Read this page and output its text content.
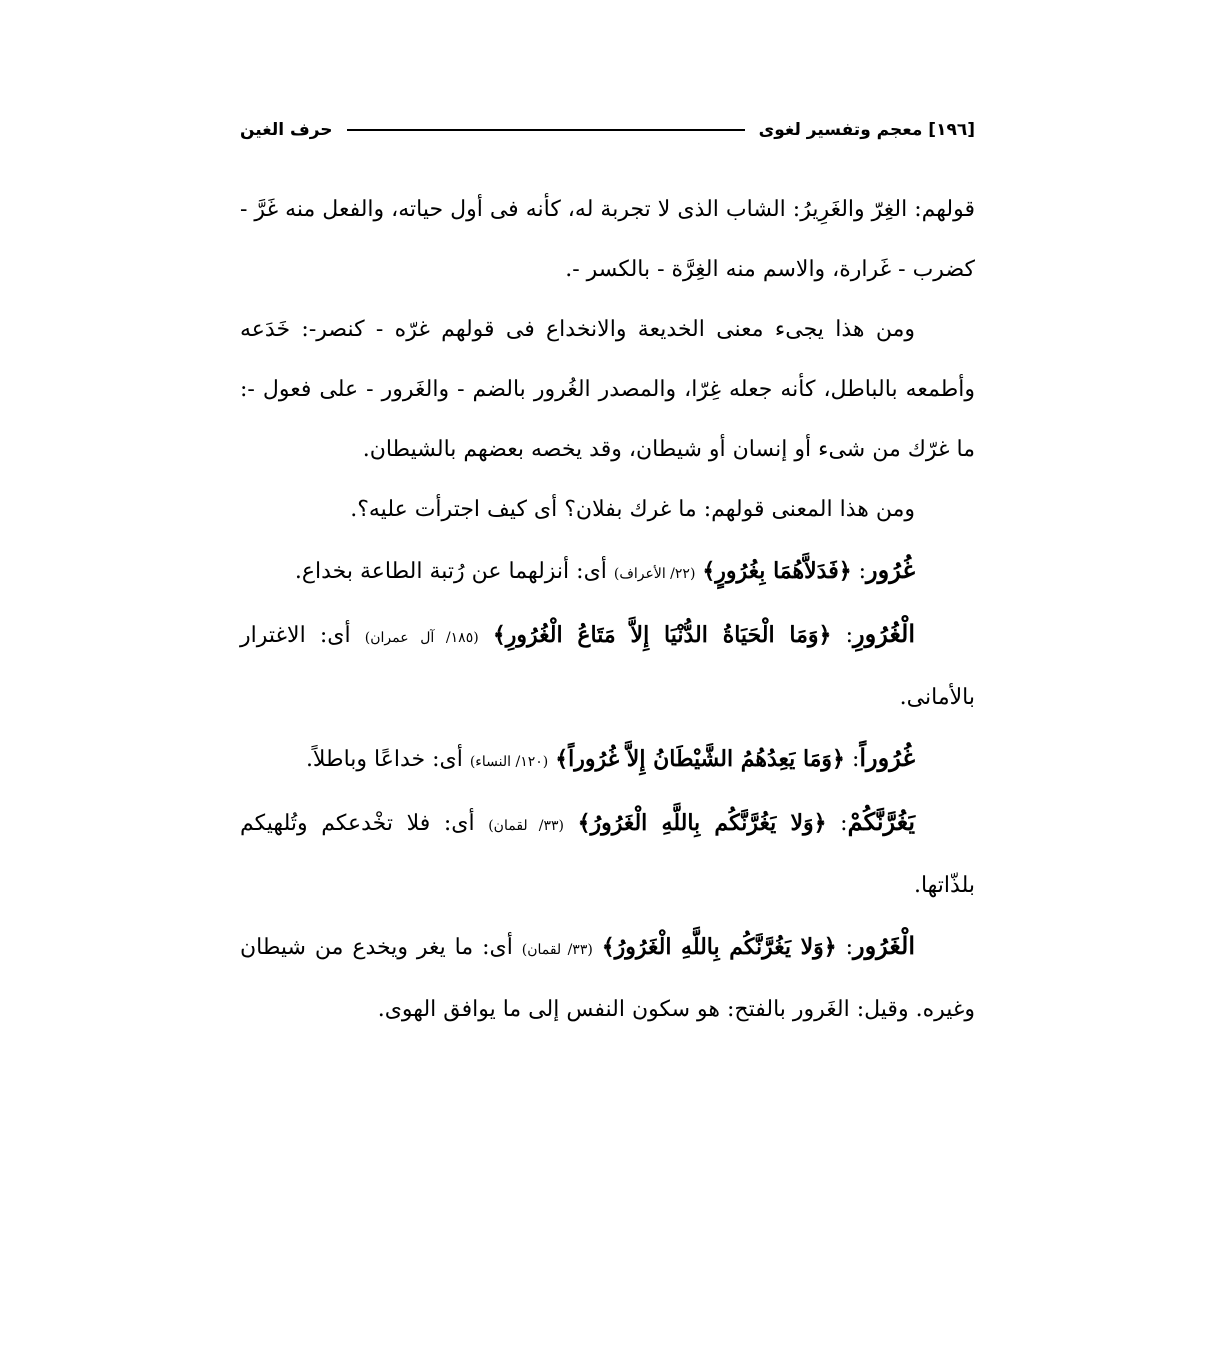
[١٩٦] معجم وتفسير لغوى
حرف الغين

قولهم: الغِرّ والغَرِيرُ: الشاب الذى لا تجربة له، كأنه فى أول حياته، والفعل منه غَرَّ - كضرب - غَرارة، والاسم منه الغِرَّة - بالكسر -.

ومن هذا يجىء معنى الخديعة والانخداع فى قولهم غرّه - كنصر-: خَدَعه وأطمعه بالباطل، كأنه جعله غِرّا، والمصدر الغُرور بالضم - والغَرور - على فعول -: ما غرّك من شىء أو إنسان أو شيطان، وقد يخصه بعضهم بالشيطان.

ومن هذا المعنى قولهم: ما غرك بفلان؟ أى كيف اجترأت عليه؟.

غُرُور: ﴿فَدَلاَّهُمَا بِغُرُورٍ﴾ (٢٢/ الأعراف) أى: أنزلهما عن رُتبة الطاعة بخداع.

الْغُرُورِ: ﴿وَمَا الْحَيَاةُ الدُّنْيَا إِلاَّ مَتَاعُ الْغُرُورِ﴾ (١٨٥/ آل عمران) أى: الاغترار بالأمانى.

غُرُوراً: ﴿وَمَا يَعِدُهُمُ الشَّيْطَانُ إِلاَّ غُرُوراً﴾ (١٢٠/ النساء) أى: خداعًا وباطلاً.

يَغُرَّنَّكُمْ: ﴿وَلا يَغُرَّنَّكُم بِاللَّهِ الْغَرُورُ﴾ (٣٣/ لقمان) أى: فلا تخْدعكم وتُلهيكم بلذّاتها.

الْغَرُور: ﴿وَلا يَغُرَّنَّكُم بِاللَّهِ الْغَرُورُ﴾ (٣٣/ لقمان) أى: ما يغر ويخدع من شيطان وغيره. وقيل: الغَرور بالفتح: هو سكون النفس إلى ما يوافق الهوى.
